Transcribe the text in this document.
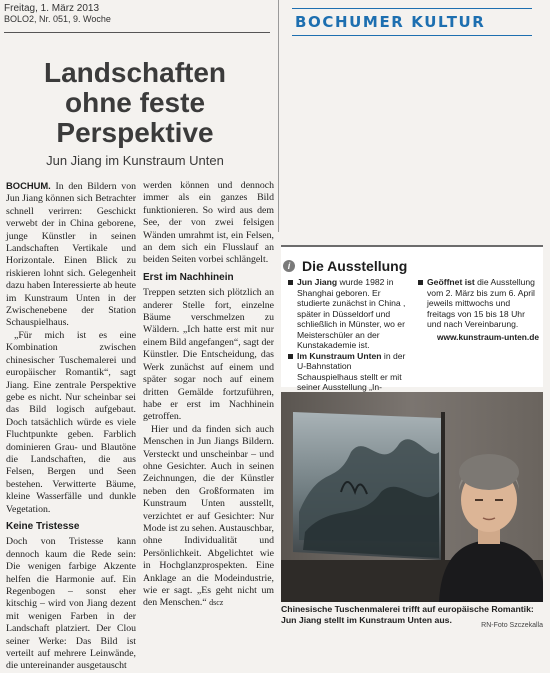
Freitag, 1. März 2013
BOLO2, Nr. 051, 9. Woche	BOCHUMER KULTUR
Landschaften
ohne feste
Perspektive
Jun Jiang im Kunstraum Unten

BOCHUM. In den Bildern von Jun Jiang können sich Betrachter schnell verirren: Geschickt verwebt der in China geborene, junge Künstler in seinen Landschaften Vertikale und Horizontale. Einen Blick zu riskieren lohnt sich. Gelegenheit dazu haben Interessierte ab heute im Kunstraum Unten in der Zwischenebene der Station Schauspielhaus.

„Für mich ist es eine Kombination zwischen chinesischer Tuschemalerei und europäischer Romantik“, sagt Jiang. Eine zentrale Perspektive gebe es nicht. Nur scheinbar sei das Bild logisch aufgebaut. Doch tatsächlich würde es viele Fluchtpunkte geben. Farblich dominieren Grau- und Blautöne die Landschaften, die aus Felsen, Bergen und Seen bestehen. Verwitterte Bäume, kleine Wasserfälle und dunkle Vegetation.

Keine Tristesse

Doch von Tristesse kann dennoch kaum die Rede sein: Die wenigen farbige Akzente helfen die Harmonie auf. Ein Regenbogen – sonst eher kitschig – wird von Jiang dezent mit wenigen Farben in der Landschaft platziert. Der Clou seiner Werke: Das Bild ist verteilt auf mehrere Leinwände, die untereinander ausgetauscht

werden können und dennoch immer als ein ganzes Bild funktionieren. So wird aus dem See, der von zwei felsigen Wänden umrahmt ist, ein Felsen, an dem sich ein Flusslauf an beiden Seiten vorbei schlängelt.

Erst im Nachhinein

Treppen setzten sich plötzlich an anderer Stelle fort, einzelne Bäume verschmelzen zu Wäldern. „Ich hatte erst mit nur einem Bild angefangen“, sagt der Künstler. Die Entscheidung, das Werk zunächst auf einem und später sogar noch auf einem dritten Gemälde fortzuführen, habe er erst im Nachhinein getroffen.

Hier und da finden sich auch Menschen in Jun Jiangs Bildern. Versteckt und unscheinbar – und ohne Gesichter. Auch in seinen Zeichnungen, die der Künstler neben den Großformaten im Kunstraum Unten ausstellt, verzichtet er auf Gesichter: Nur Mode ist zu sehen. Austauschbar, ohne Individualität und Persönlichkeit. Abgelichtet wie in Hochglanzprospekten. Eine Anklage an die Modeindustrie, wie er sagt. „Es geht nicht um den Menschen.“ dscz

i Die Ausstellung
Jun Jiang wurde 1982 in Shanghai geboren. Er studierte zunächst in China , später in Düsseldorf und schließlich in Münster, wo er Meisterschüler an der Kunstakademie ist.
Im Kunstraum Unten in der U-Bahnstation Schauspielhaus stellt er mit seiner Ausstellung „In-
Geöffnet ist die Ausstellung vom 2. März bis zum 6. April jeweils mittwochs und freitags von 15 bis 18 Uhr und nach Vereinbarung.
www.kunstraum-unten.de
Chinesische Tuschenmalerei trifft auf europäische Romantik: Jun Jiang stellt im Kunstraum Unten aus.
RN-Foto Szczekalla
